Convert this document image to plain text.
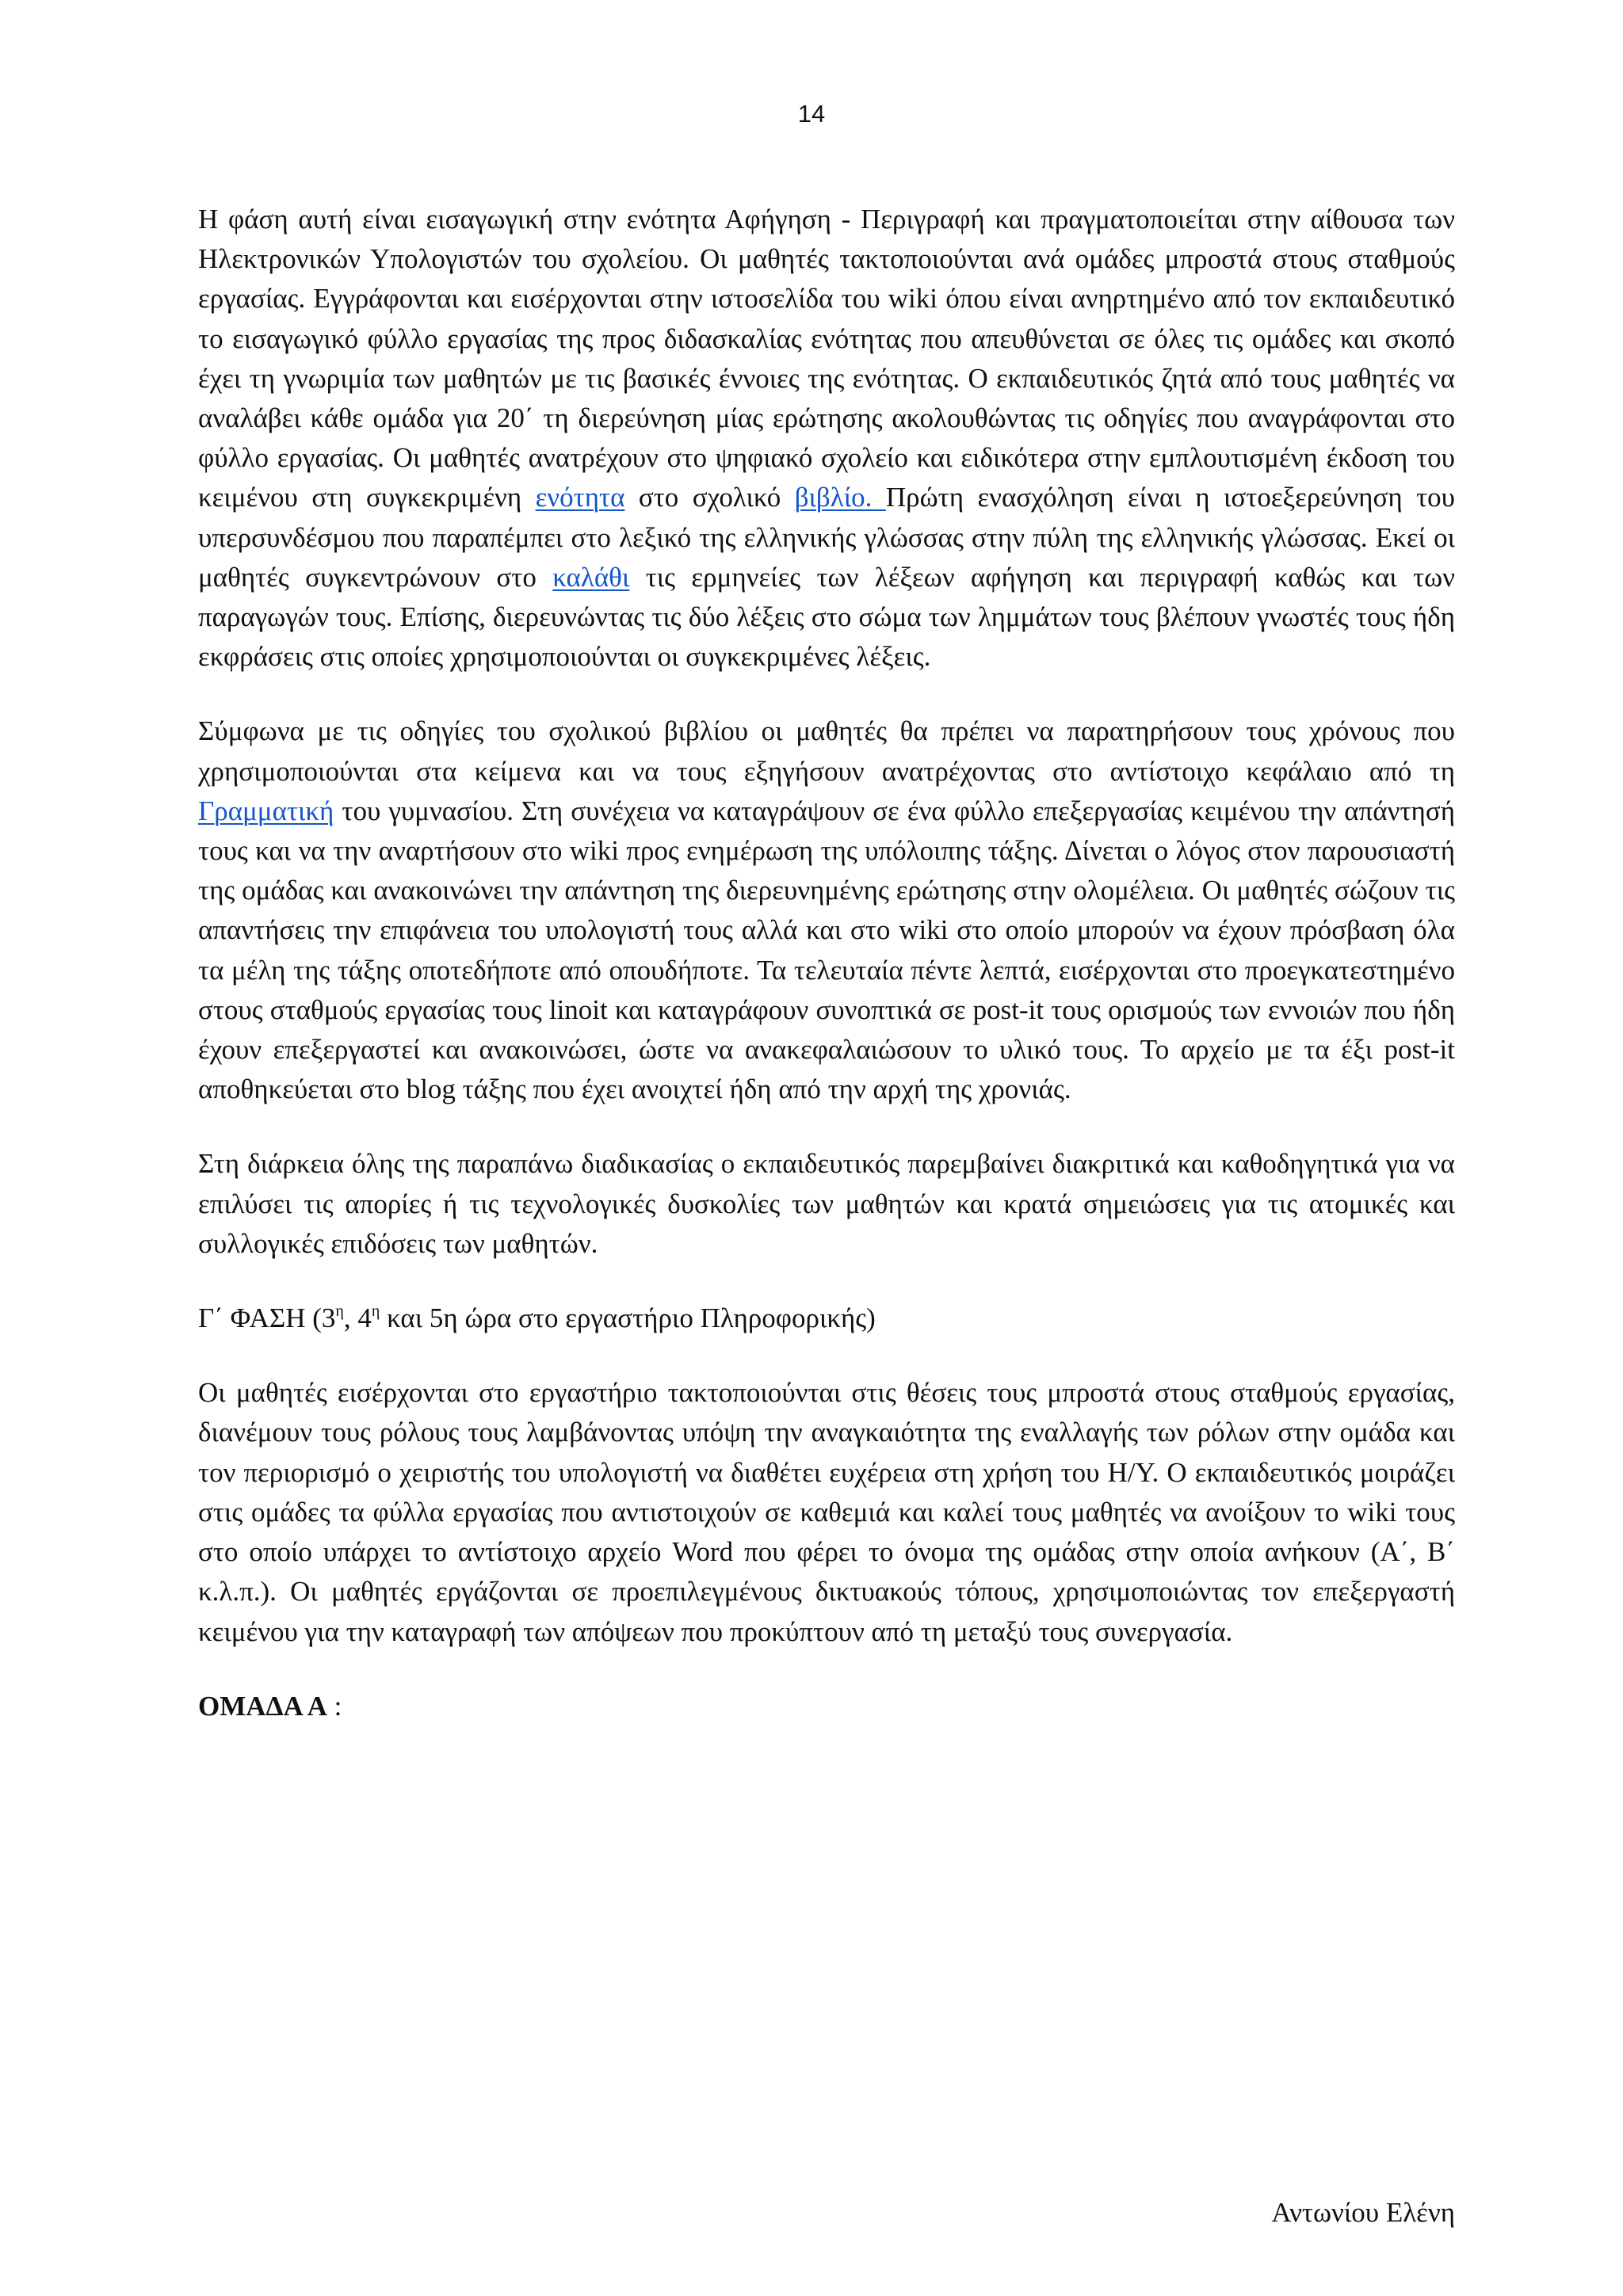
14

Η φάση αυτή είναι εισαγωγική στην ενότητα Αφήγηση - Περιγραφή και πραγματοποιείται στην αίθουσα των Ηλεκτρονικών Υπολογιστών του σχολείου. Οι μαθητές τακτοποιούνται ανά ομάδες μπροστά στους σταθμούς εργασίας. Εγγράφονται και εισέρχονται στην ιστοσελίδα του wiki όπου είναι ανηρτημένο από τον εκπαιδευτικό το εισαγωγικό φύλλο εργασίας της προς διδασκαλίας ενότητας που απευθύνεται σε όλες τις ομάδες και σκοπό έχει τη γνωριμία των μαθητών με τις βασικές έννοιες της ενότητας. Ο εκπαιδευτικός ζητά από τους μαθητές να αναλάβει κάθε ομάδα για 20΄ τη διερεύνηση μίας ερώτησης ακολουθώντας τις οδηγίες που αναγράφονται στο φύλλο εργασίας. Οι μαθητές ανατρέχουν στο ψηφιακό σχολείο και ειδικότερα στην εμπλουτισμένη έκδοση του κειμένου στη συγκεκριμένη ενότητα στο σχολικό βιβλίο. Πρώτη ενασχόληση είναι η ιστοεξερεύνηση του υπερσυνδέσμου που παραπέμπει στο λεξικό της ελληνικής γλώσσας στην πύλη της ελληνικής γλώσσας. Εκεί οι μαθητές συγκεντρώνουν στο καλάθι τις ερμηνείες των λέξεων αφήγηση και περιγραφή καθώς και των παραγωγών τους. Επίσης, διερευνώντας τις δύο λέξεις στο σώμα των λημμάτων τους βλέπουν γνωστές τους ήδη εκφράσεις στις οποίες χρησιμοποιούνται οι συγκεκριμένες λέξεις.

Σύμφωνα με τις οδηγίες του σχολικού βιβλίου οι μαθητές θα πρέπει να παρατηρήσουν τους χρόνους που χρησιμοποιούνται στα κείμενα και να τους εξηγήσουν ανατρέχοντας στο αντίστοιχο κεφάλαιο από τη Γραμματική του γυμνασίου. Στη συνέχεια να καταγράψουν σε ένα φύλλο επεξεργασίας κειμένου την απάντησή τους και να την αναρτήσουν στο wiki προς ενημέρωση της υπόλοιπης τάξης. Δίνεται ο λόγος στον παρουσιαστή της ομάδας και ανακοινώνει την απάντηση της διερευνημένης ερώτησης στην ολομέλεια. Οι μαθητές σώζουν τις απαντήσεις την επιφάνεια του υπολογιστή τους αλλά και στο wiki στο οποίο μπορούν να έχουν πρόσβαση όλα τα μέλη της τάξης οποτεδήποτε από οπουδήποτε. Τα τελευταία πέντε λεπτά, εισέρχονται στο προεγκατεστημένο στους σταθμούς εργασίας τους linoit και καταγράφουν συνοπτικά σε post-it τους ορισμούς των εννοιών που ήδη έχουν επεξεργαστεί και ανακοινώσει, ώστε να ανακεφαλαιώσουν το υλικό τους. Το αρχείο με τα έξι post-it αποθηκεύεται στο blog τάξης που έχει ανοιχτεί ήδη από την αρχή της χρονιάς.

Στη διάρκεια όλης της παραπάνω διαδικασίας ο εκπαιδευτικός παρεμβαίνει διακριτικά και καθοδηγητικά για να επιλύσει τις απορίες ή τις τεχνολογικές δυσκολίες των μαθητών και κρατά σημειώσεις για τις ατομικές και συλλογικές επιδόσεις των μαθητών.

Γ΄ ΦΑΣΗ ($3^\eta$, $4^\eta$ και 5η ώρα στο εργαστήριο Πληροφορικής)

Οι μαθητές εισέρχονται στο εργαστήριο τακτοποιούνται στις θέσεις τους μπροστά στους σταθμούς εργασίας, διανέμουν τους ρόλους τους λαμβάνοντας υπόψη την αναγκαιότητα της εναλλαγής των ρόλων στην ομάδα και τον περιορισμό ο χειριστής του υπολογιστή να διαθέτει ευχέρεια στη χρήση του Η/Υ. Ο εκπαιδευτικός μοιράζει στις ομάδες τα φύλλα εργασίας που αντιστοιχούν σε καθεμιά και καλεί τους μαθητές να ανοίξουν το wiki τους στο οποίο υπάρχει το αντίστοιχο αρχείο Word που φέρει το όνομα της ομάδας στην οποία ανήκουν (Α΄, Β΄ κ.λ.π.). Οι μαθητές εργάζονται σε προεπιλεγμένους δικτυακούς τόπους, χρησιμοποιώντας τον επεξεργαστή κειμένου για την καταγραφή των απόψεων που προκύπτουν από τη μεταξύ τους συνεργασία.

ΟΜΑΔΑ Α :

Αντωνίου Ελένη
